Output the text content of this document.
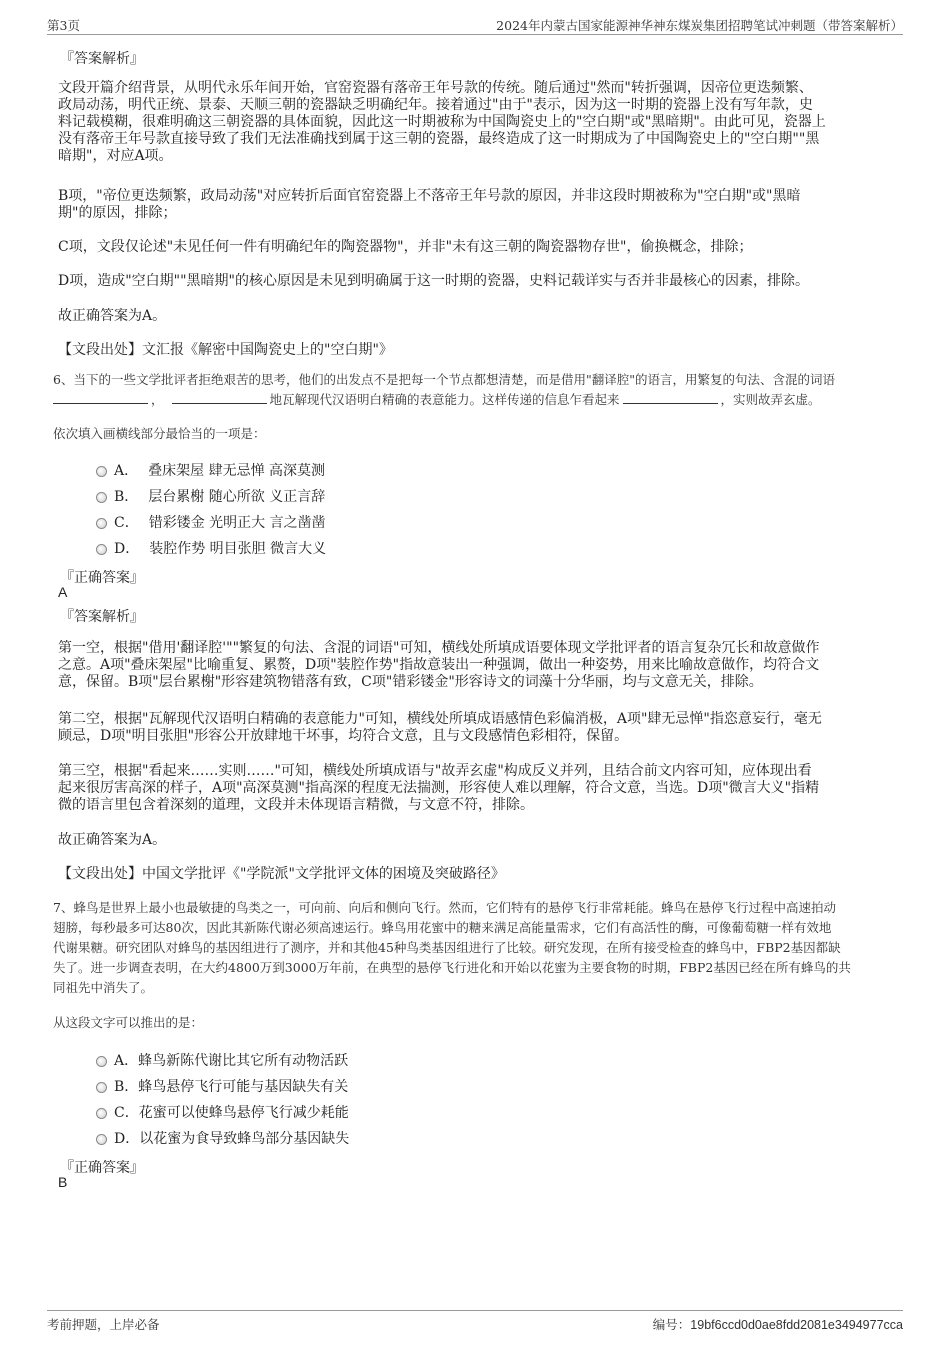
第3页	2024年内蒙古国家能源神华神东煤炭集团招聘笔试冲刺题（带答案解析）
『答案解析』
文段开篇介绍背景，从明代永乐年间开始，官窑瓷器有落帝王年号款的传统。随后通过"然而"转折强调，因帝位更迭频繁、
政局动荡，明代正统、景泰、天顺三朝的瓷器缺乏明确纪年。接着通过"由于"表示，因为这一时期的瓷器上没有写年款，史
料记载模糊，很难明确这三朝瓷器的具体面貌，因此这一时期被称为中国陶瓷史上的"空白期"或"黑暗期"。由此可见，瓷器上
没有落帝王年号款直接导致了我们无法准确找到属于这三朝的瓷器，最终造成了这一时期成为了中国陶瓷史上的"空白期""黑
暗期"，对应A项。
B项，"帝位更迭频繁，政局动荡"对应转折后面官窑瓷器上不落帝王年号款的原因，并非这段时期被称为"空白期"或"黑暗
期"的原因，排除；
C项，文段仅论述"未见任何一件有明确纪年的陶瓷器物"，并非"未有这三朝的陶瓷器物存世"，偷换概念，排除；
D项，造成"空白期""黑暗期"的核心原因是未见到明确属于这一时期的瓷器，史料记载详实与否并非最核心的因素，排除。
故正确答案为A。
【文段出处】文汇报《解密中国陶瓷史上的"空白期"》
6、当下的一些文学批评者拒绝艰苦的思考，他们的出发点不是把每一个节点都想清楚，而是借用"翻译腔"的语言，用繁复的句法、含混的词语
，	地瓦解现代汉语明白精确的表意能力。这样传递的信息乍看起来	，实则故弄玄虚。
依次填入画横线部分最恰当的一项是：
A． 叠床架屋 肆无忌惮 高深莫测
B． 层台累榭 随心所欲 义正言辞
C． 错彩镂金 光明正大 言之凿凿
D． 装腔作势 明目张胆 微言大义
『正确答案』
A
『答案解析』
第一空，根据"借用'翻译腔'""繁复的句法、含混的词语"可知，横线处所填成语要体现文学批评者的语言复杂冗长和故意做作
之意。A项"叠床架屋"比喻重复、累赘，D项"装腔作势"指故意装出一种强调，做出一种姿势，用来比喻故意做作，均符合文
意，保留。B项"层台累榭"形容建筑物错落有致，C项"错彩镂金"形容诗文的词藻十分华丽，均与文意无关，排除。
第二空，根据"瓦解现代汉语明白精确的表意能力"可知，横线处所填成语感情色彩偏消极，A项"肆无忌惮"指恣意妄行，毫无
顾忌，D项"明目张胆"形容公开放肆地干坏事，均符合文意，且与文段感情色彩相符，保留。
第三空，根据"看起来……实则……"可知，横线处所填成语与"故弄玄虚"构成反义并列，且结合前文内容可知，应体现出看
起来很厉害高深的样子，A项"高深莫测"指高深的程度无法揣测，形容使人难以理解，符合文意，当选。D项"微言大义"指精
微的语言里包含着深刻的道理，文段并未体现语言精微，与文意不符，排除。
故正确答案为A。
【文段出处】中国文学批评《"学院派"文学批评文体的困境及突破路径》
7、蜂鸟是世界上最小也最敏捷的鸟类之一，可向前、向后和侧向飞行。然而，它们特有的悬停飞行非常耗能。蜂鸟在悬停飞行过程中高速拍动
翅膀，每秒最多可达80次，因此其新陈代谢必须高速运行。蜂鸟用花蜜中的糖来满足高能量需求，它们有高活性的酶，可像葡萄糖一样有效地
代谢果糖。研究团队对蜂鸟的基因组进行了测序，并和其他45种鸟类基因组进行了比较。研究发现，在所有接受检查的蜂鸟中，FBP2基因都缺
失了。进一步调查表明，在大约4800万到3000万年前，在典型的悬停飞行进化和开始以花蜜为主要食物的时期，FBP2基因已经在所有蜂鸟的共
同祖先中消失了。
从这段文字可以推出的是：
A．蜂鸟新陈代谢比其它所有动物活跃
B．蜂鸟悬停飞行可能与基因缺失有关
C．花蜜可以使蜂鸟悬停飞行减少耗能
D．以花蜜为食导致蜂鸟部分基因缺失
『正确答案』
B
考前押题，上岸必备	编号：19bf6ccd0d0ae8fdd2081e3494977cca
